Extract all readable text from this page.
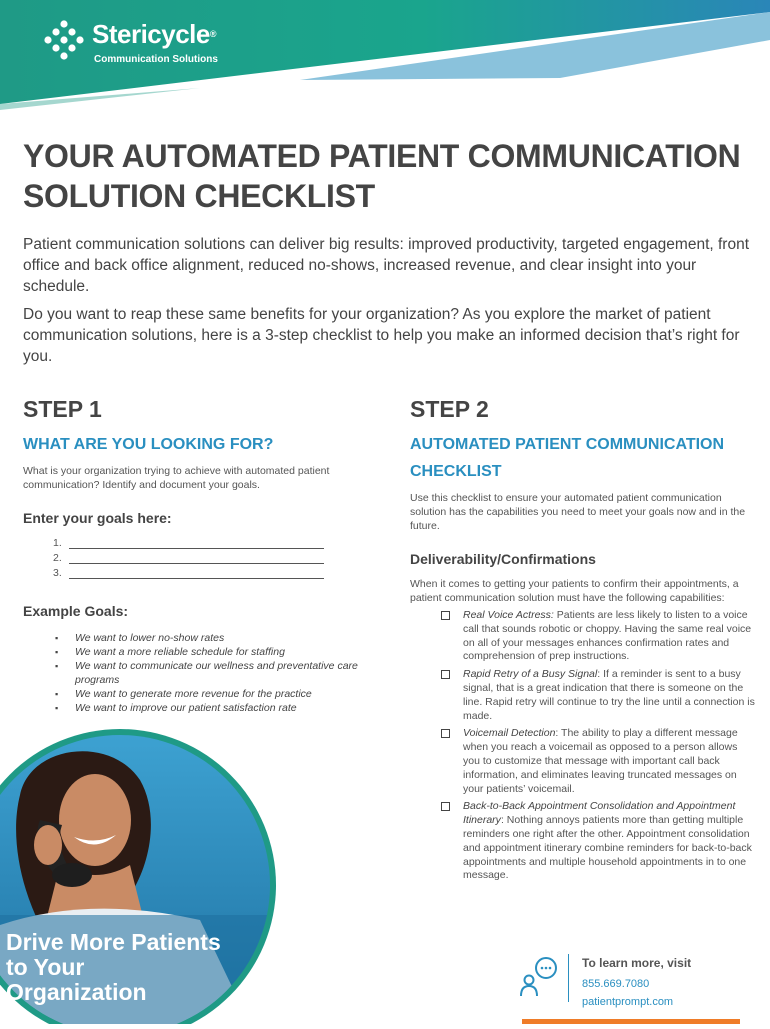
Stericycle®
Communication Solutions
YOUR AUTOMATED PATIENT COMMUNICATION
SOLUTION CHECKLIST

Patient communication solutions can deliver big results: improved productivity, targeted engagement, front office and back office alignment, reduced no-shows, increased revenue, and clear insight into your schedule.

Do you want to reap these same benefits for your organization? As you explore the market of patient communication solutions, here is a 3-step checklist to help you make an informed decision that’s right for you.

STEP 1
WHAT ARE YOU LOOKING FOR?

What is your organization trying to achieve with automated patient communication? Identify and document your goals.

Enter your goals here:
1.
2.
3.
Example Goals:
▪ We want to lower no-show rates
▪ We want a more reliable schedule for staffing
▪ We want to communicate our wellness and preventative care programs
▪ We want to generate more revenue for the practice
▪ We want to improve our patient satisfaction rate
STEP 2
AUTOMATED PATIENT COMMUNICATION
CHECKLIST

Use this checklist to ensure your automated patient communication solution has the capabilities you need to meet your goals now and in the future.

Deliverability/Confirmations

When it comes to getting your patients to confirm their appointments, a patient communication solution must have the following capabilities:

Real Voice Actress: Patients are less likely to listen to a voice call that sounds robotic or choppy. Having the same real voice on all of your messages enhances confirmation rates and comprehension of prep instructions.
Rapid Retry of a Busy Signal: If a reminder is sent to a busy signal, that is a great indication that there is someone on the line. Rapid retry will continue to try the line until a connection is made.
Voicemail Detection: The ability to play a different message when you reach a voicemail as opposed to a person allows you to customize that message with important call back information, and eliminates leaving truncated messages on your patients’ voicemail.
Back-to-Back Appointment Consolidation and Appointment Itinerary: Nothing annoys patients more than getting multiple reminders one right after the other. Appointment consolidation and appointment itinerary combine reminders for back-to-back appointments and multiple household appointments in to one message.
Drive More Patients
to Your
Organization

To learn more, visit

855.669.7080

patientprompt.com
